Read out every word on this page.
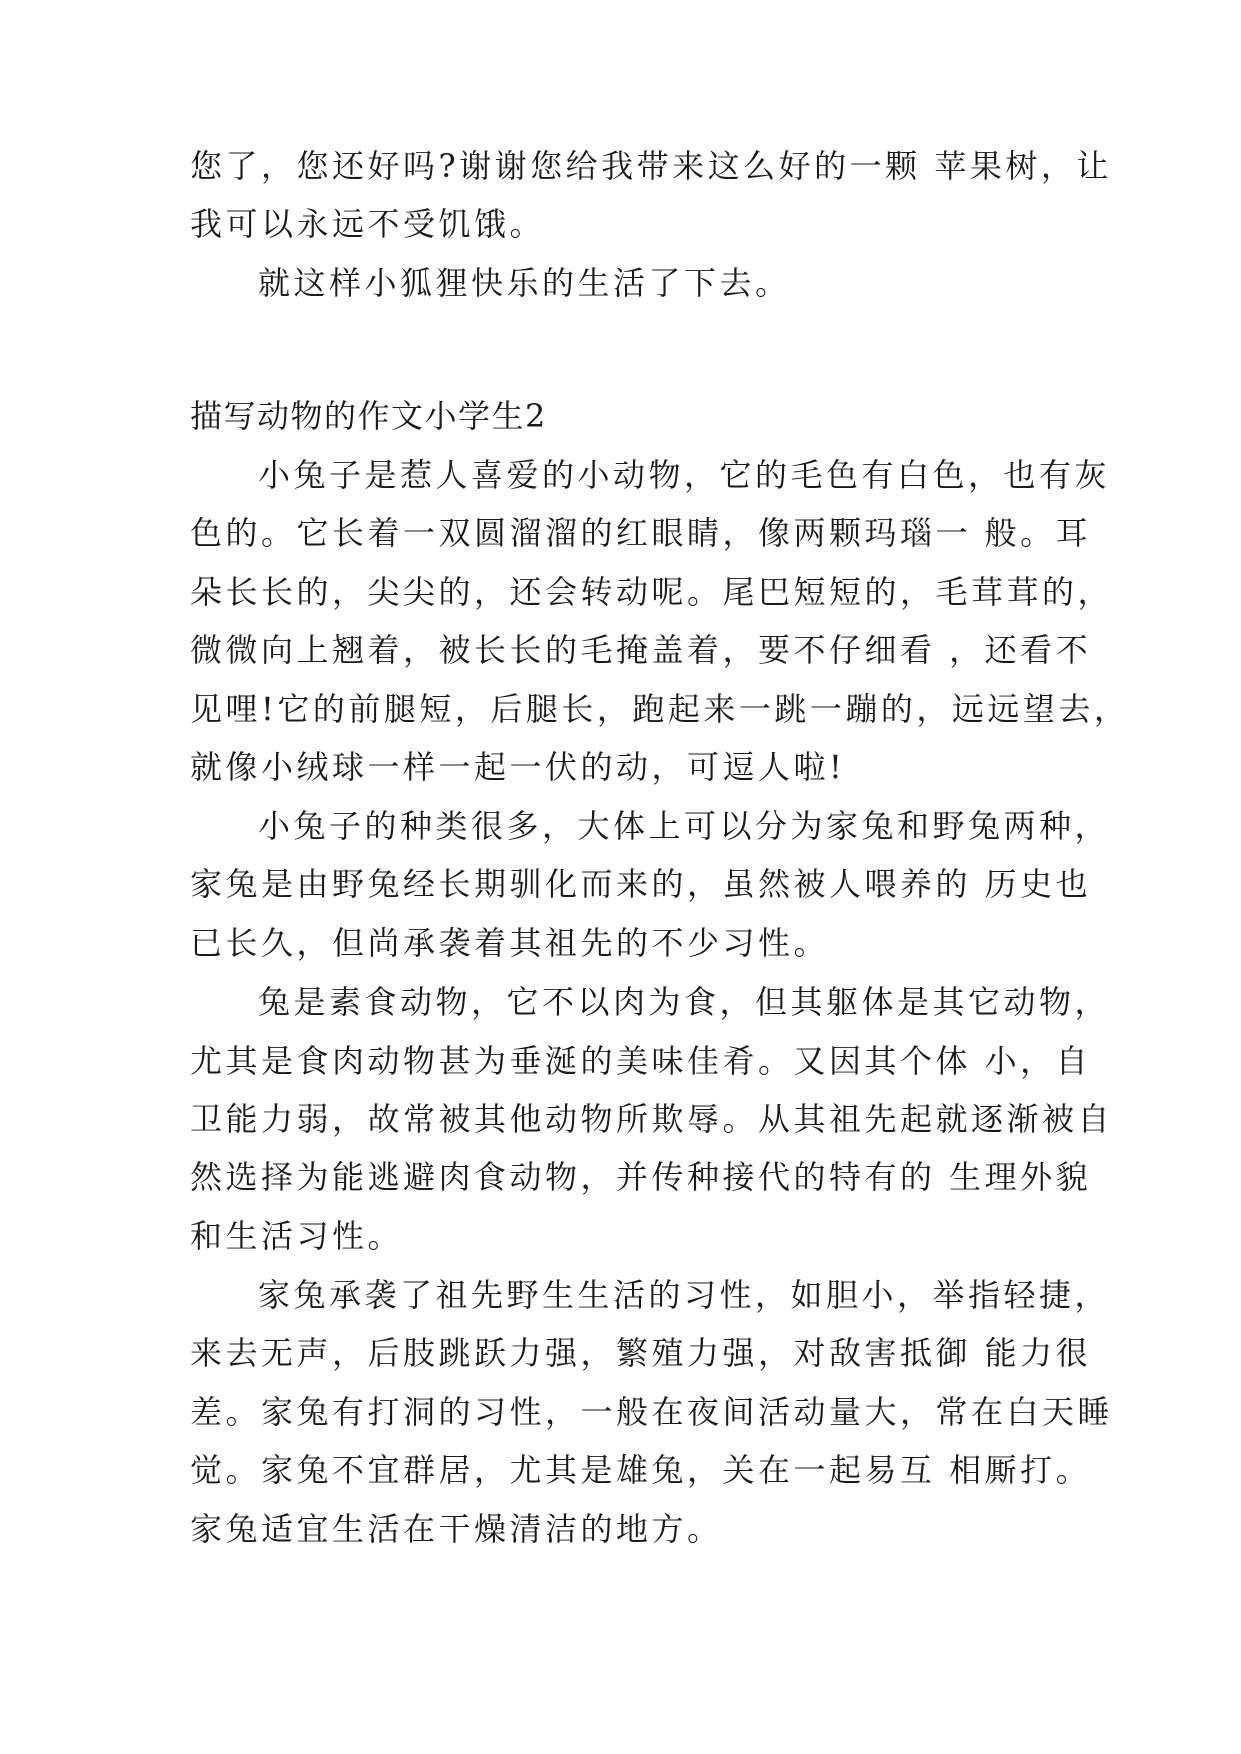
您了，您还好吗?谢谢您给我带来这么好的一颗 苹果树，让
我可以永远不受饥饿。
就这样小狐狸快乐的生活了下去。
描写动物的作文小学生2
小兔子是惹人喜爱的小动物，它的毛色有白色，也有灰
色的。它长着一双圆溜溜的红眼睛，像两颗玛瑙一 般。耳
朵长长的，尖尖的，还会转动呢。尾巴短短的，毛茸茸的，
微微向上翘着，被长长的毛掩盖着，要不仔细看 ，还看不
见哩!它的前腿短，后腿长，跑起来一跳一蹦的，远远望去，
就像小绒球一样一起一伏的动，可逗人啦!
小兔子的种类很多，大体上可以分为家兔和野兔两种，
家兔是由野兔经长期驯化而来的，虽然被人喂养的 历史也
已长久，但尚承袭着其祖先的不少习性。
兔是素食动物，它不以肉为食，但其躯体是其它动物，
尤其是食肉动物甚为垂涎的美味佳肴。又因其个体 小，自
卫能力弱，故常被其他动物所欺辱。从其祖先起就逐渐被自
然选择为能逃避肉食动物，并传种接代的特有的 生理外貌
和生活习性。
家兔承袭了祖先野生生活的习性，如胆小，举指轻捷，
来去无声，后肢跳跃力强，繁殖力强，对敌害抵御 能力很
差。家兔有打洞的习性，一般在夜间活动量大，常在白天睡
觉。家兔不宜群居，尤其是雄兔，关在一起易互 相厮打。
家兔适宜生活在干燥清洁的地方。
